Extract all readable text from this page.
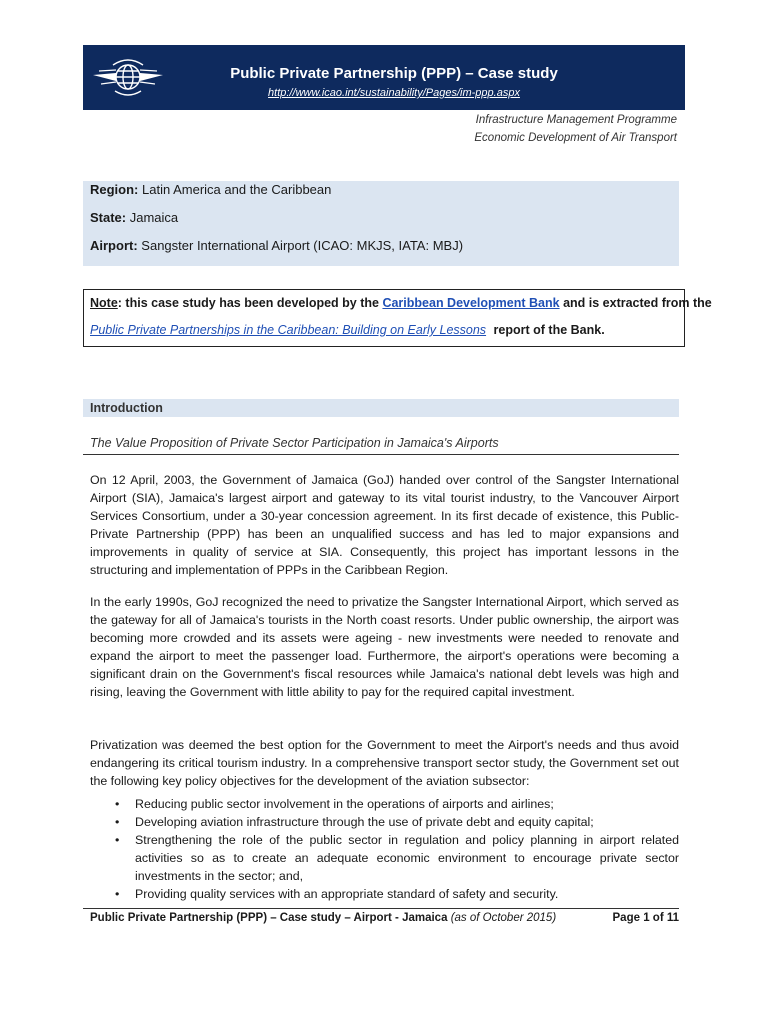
Public Private Partnership (PPP) – Case study
http://www.icao.int/sustainability/Pages/im-ppp.aspx
Infrastructure Management Programme
Economic Development of Air Transport
Region: Latin America and the Caribbean
State: Jamaica
Airport: Sangster International Airport (ICAO: MKJS, IATA: MBJ)
Note: this case study has been developed by the Caribbean Development Bank and is extracted from the
Public Private Partnerships in the Caribbean: Building on Early Lessons report of the Bank.
Introduction
The Value Proposition of Private Sector Participation in Jamaica's Airports

On 12 April, 2003, the Government of Jamaica (GoJ) handed over control of the Sangster International Airport (SIA), Jamaica's largest airport and gateway to its vital tourist industry, to the Vancouver Airport Services Consortium, under a 30-year concession agreement. In its first decade of existence, this Public-Private Partnership (PPP) has been an unqualified success and has led to major expansions and improvements in quality of service at SIA. Consequently, this project has important lessons in the structuring and implementation of PPPs in the Caribbean Region.

In the early 1990s, GoJ recognized the need to privatize the Sangster International Airport, which served as the gateway for all of Jamaica's tourists in the North coast resorts. Under public ownership, the airport was becoming more crowded and its assets were ageing - new investments were needed to renovate and expand the airport to meet the passenger load. Furthermore, the airport's operations were becoming a significant drain on the Government's fiscal resources while Jamaica's national debt levels was high and rising, leaving the Government with little ability to pay for the required capital investment.

Privatization was deemed the best option for the Government to meet the Airport's needs and thus avoid endangering its critical tourism industry. In a comprehensive transport sector study, the Government set out the following key policy objectives for the development of the aviation subsector:

• Reducing public sector involvement in the operations of airports and airlines;
• Developing aviation infrastructure through the use of private debt and equity capital;
• Strengthening the role of the public sector in regulation and policy planning in airport related activities so as to create an adequate economic environment to encourage private sector investments in the sector; and,
• Providing quality services with an appropriate standard of safety and security.
Public Private Partnership (PPP) – Case study – Airport - Jamaica (as of October 2015)	Page 1 of 11
